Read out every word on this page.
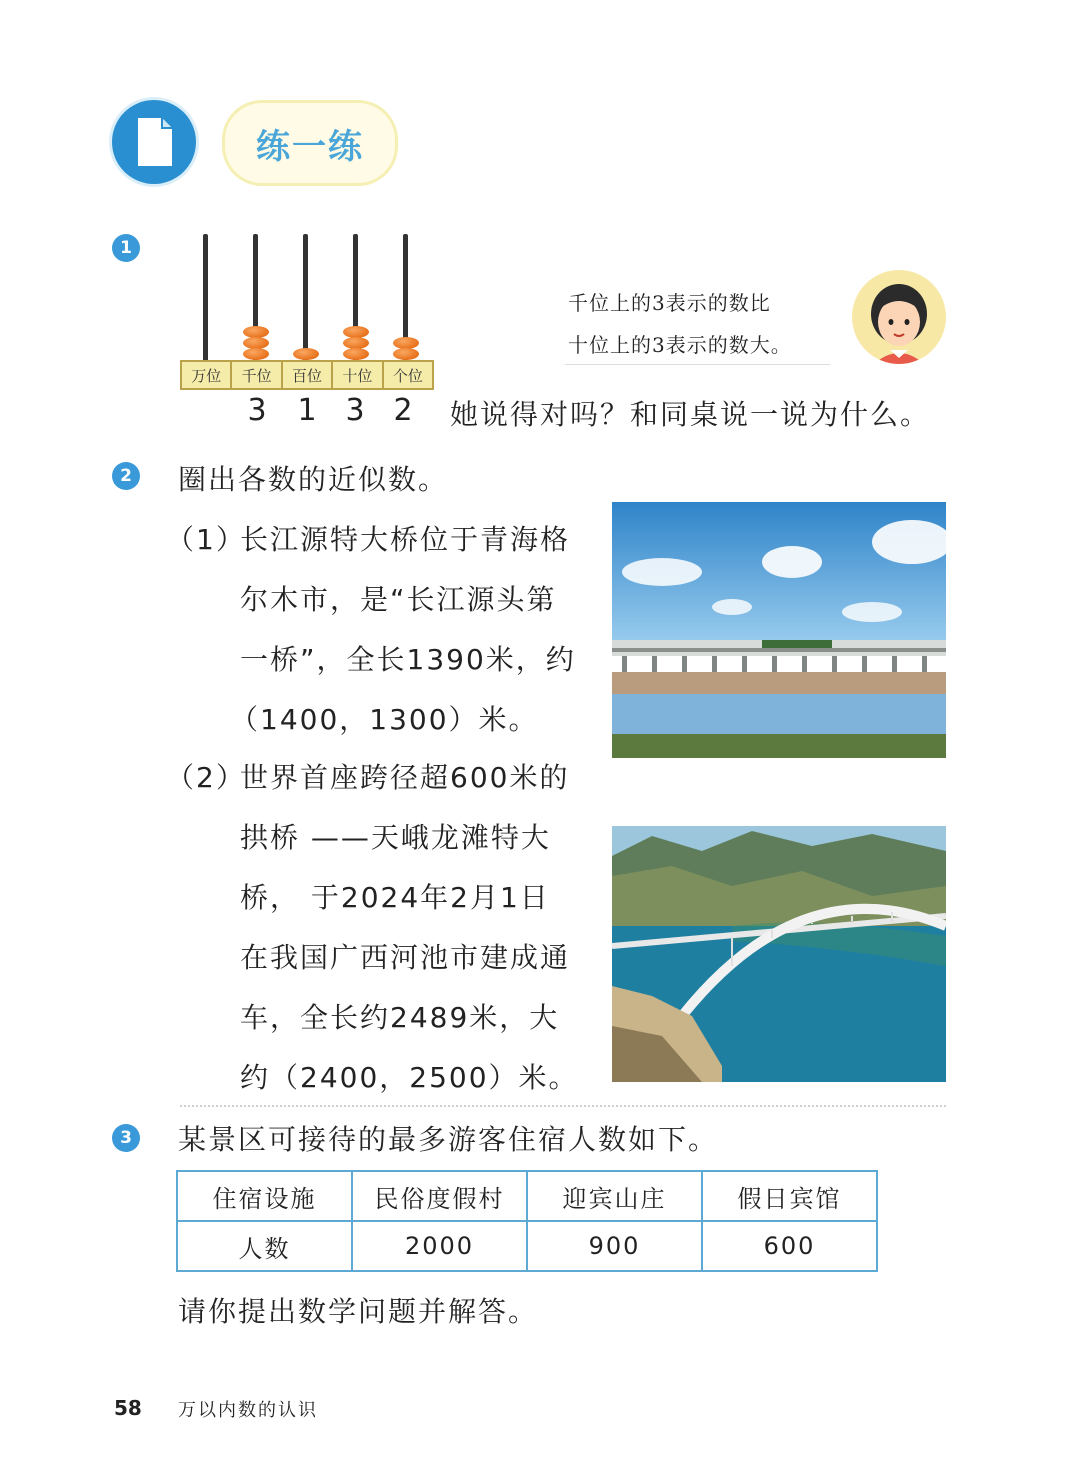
练一练
1
万位	千位	百位	十位	个位
3 1 3 2
千位上的3表示的数比
十位上的3表示的数大。
她说得对吗？和同桌说一说为什么。
2 圈出各数的近似数。
（1）
长江源特大桥位于青海格
尔木市，是“长江源头第
一桥”，全长1390米，约
（1400，1300）米。
（2）
世界首座跨径超600米的
拱桥 ——天峨龙滩特大
桥， 于2024年2月1日
在我国广西河池市建成通
车，全长约2489米，大
约（2400，2500）米。
3 某景区可接待的最多游客住宿人数如下。
住宿设施	民俗度假村	迎宾山庄	假日宾馆
人数	2000	900	600
请你提出数学问题并解答。
58 万以内数的认识
